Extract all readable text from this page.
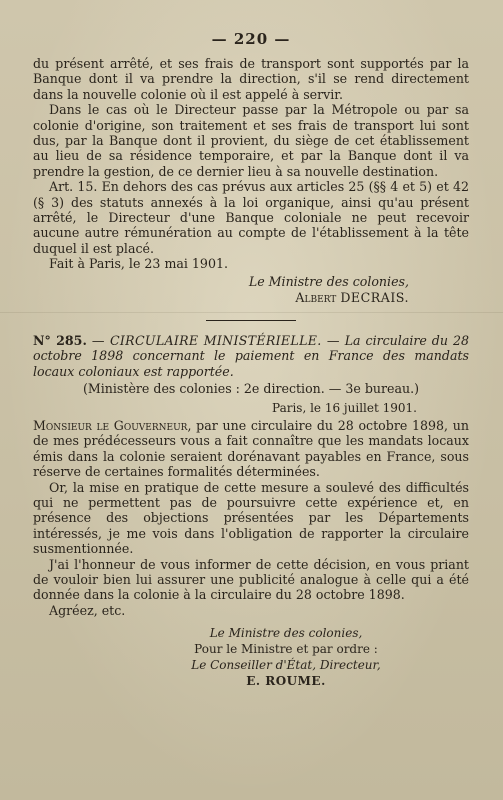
— 220 —

du présent arrêté, et ses frais de transport sont supportés par la Banque dont il va prendre la direction, s'il se rend directement dans la nouvelle colonie où il est appelé à servir.

Dans le cas où le Directeur passe par la Métropole ou par sa colonie d'origine, son traitement et ses frais de transport lui sont dus, par la Banque dont il provient, du siège de cet établissement au lieu de sa résidence temporaire, et par la Banque dont il va prendre la gestion, de ce dernier lieu à sa nouvelle destination.

Art. 15. En dehors des cas prévus aux articles 25 (§§ 4 et 5) et 42 (§ 3) des statuts annexés à la loi organique, ainsi qu'au présent arrêté, le Directeur d'une Banque coloniale ne peut recevoir aucune autre rémunération au compte de l'établissement à la tête duquel il est placé.

Fait à Paris, le 23 mai 1901.

Le Ministre des colonies,
Albert DECRAIS.

N° 285. — CIRCULAIRE MINISTÉRIELLE. — La circulaire du 28 octobre 1898 concernant le paiement en France des mandats locaux coloniaux est rapportée.

(Ministère des colonies : 2e direction. — 3e bureau.)

Paris, le 16 juillet 1901.

Monsieur le Gouverneur, par une circulaire du 28 octobre 1898, un de mes prédécesseurs vous a fait connaître que les mandats locaux émis dans la colonie seraient dorénavant payables en France, sous réserve de certaines formalités déterminées.

Or, la mise en pratique de cette mesure a soulevé des difficultés qui ne permettent pas de poursuivre cette expérience et, en présence des objections présentées par les Départements intéressés, je me vois dans l'obligation de rapporter la circulaire susmentionnée.

J'ai l'honneur de vous informer de cette décision, en vous priant de vouloir bien lui assurer une publicité analogue à celle qui a été donnée dans la colonie à la circulaire du 28 octobre 1898.

Agréez, etc.

Le Ministre des colonies,
Pour le Ministre et par ordre :
Le Conseiller d'État, Directeur,
E. ROUME.
